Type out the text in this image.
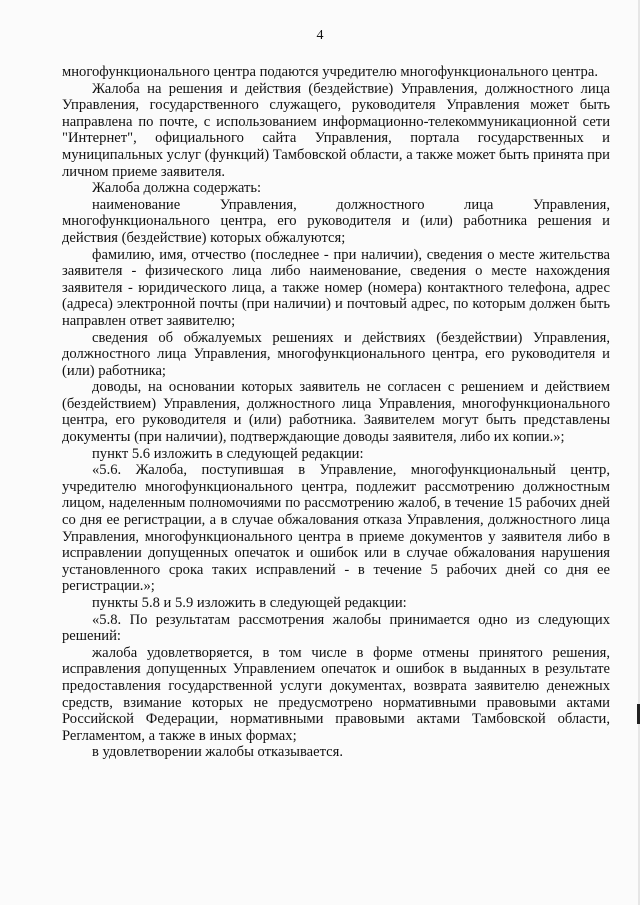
4

многофункционального центра подаются учредителю многофункционального центра.

Жалоба на решения и действия (бездействие) Управления, должностного лица Управления, государственного служащего, руководителя Управления может быть направлена по почте, с использованием информационно-телекоммуникационной сети "Интернет", официального сайта Управления, портала государственных и муниципальных услуг (функций) Тамбовской области, а также может быть принята при личном приеме заявителя.

Жалоба должна содержать:

наименование Управления, должностного лица Управления, многофункционального центра, его руководителя и (или) работника решения и действия (бездействие) которых обжалуются;

фамилию, имя, отчество (последнее - при наличии), сведения о месте жительства заявителя - физического лица либо наименование, сведения о месте нахождения заявителя - юридического лица, а также номер (номера) контактного телефона, адрес (адреса) электронной почты (при наличии) и почтовый адрес, по которым должен быть направлен ответ заявителю;

сведения об обжалуемых решениях и действиях (бездействии) Управления, должностного лица Управления, многофункционального центра, его руководителя и (или) работника;

доводы, на основании которых заявитель не согласен с решением и действием (бездействием) Управления, должностного лица Управления, многофункционального центра, его руководителя и (или) работника. Заявителем могут быть представлены документы (при наличии), подтверждающие доводы заявителя, либо их копии.»;

пункт 5.6 изложить в следующей редакции:

«5.6. Жалоба, поступившая в Управление, многофункциональный центр, учредителю многофункционального центра, подлежит рассмотрению должностным лицом, наделенным полномочиями по рассмотрению жалоб, в течение 15 рабочих дней со дня ее регистрации, а в случае обжалования отказа Управления, должностного лица Управления, многофункционального центра в приеме документов у заявителя либо в исправлении допущенных опечаток и ошибок или в случае обжалования нарушения установленного срока таких исправлений - в течение 5 рабочих дней со дня ее регистрации.»;

пункты 5.8 и 5.9 изложить в следующей редакции:

«5.8. По результатам рассмотрения жалобы принимается одно из следующих решений:

жалоба удовлетворяется, в том числе в форме отмены принятого решения, исправления допущенных Управлением опечаток и ошибок в выданных в результате предоставления государственной услуги документах, возврата заявителю денежных средств, взимание которых не предусмотрено нормативными правовыми актами Российской Федерации, нормативными правовыми актами Тамбовской области, Регламентом, а также в иных формах;

в удовлетворении жалобы отказывается.
